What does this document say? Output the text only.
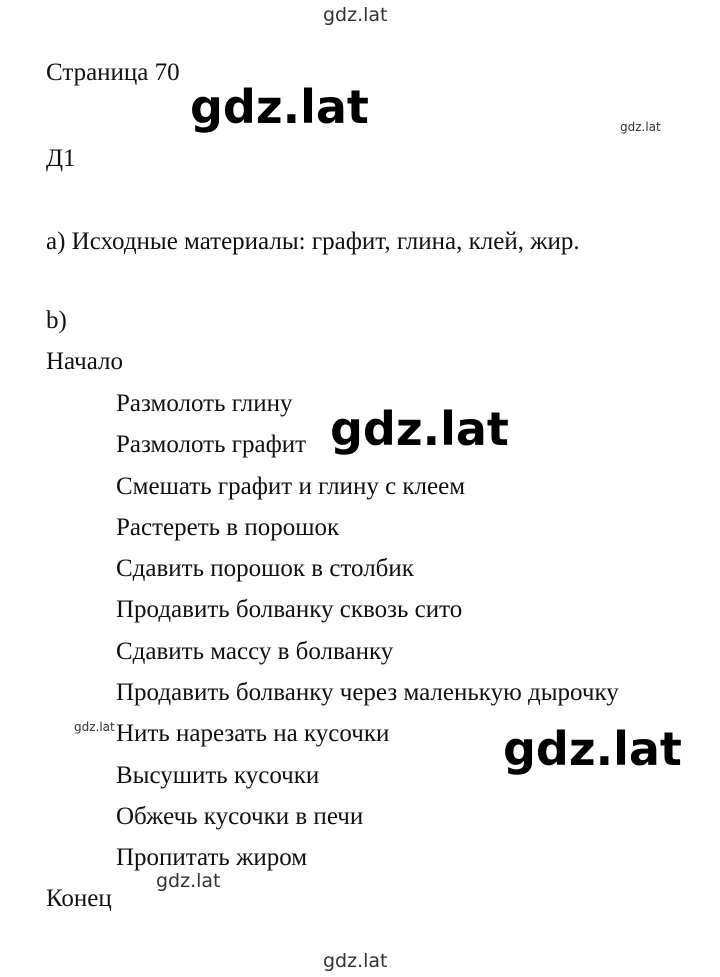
gdz.lat
Страница 70
gdz.lat	gdz.lat
Д1
а) Исходные материалы: графит, глина, клей, жир.
b)
Начало
Размолоть глину
Размолоть графит
Смешать графит и глину с клеем
Растереть в порошок
Сдавить порошок в столбик
Продавить болванку сквозь сито
Сдавить массу в болванку
Продавить болванку через маленькую дырочку
Нить нарезать на кусочки
Высушить кусочки
Обжечь кусочки в печи
Пропитать жиром
gdz.lat
gdz.lat	gdz.lat
gdz.lat
Конец
gdz.lat
